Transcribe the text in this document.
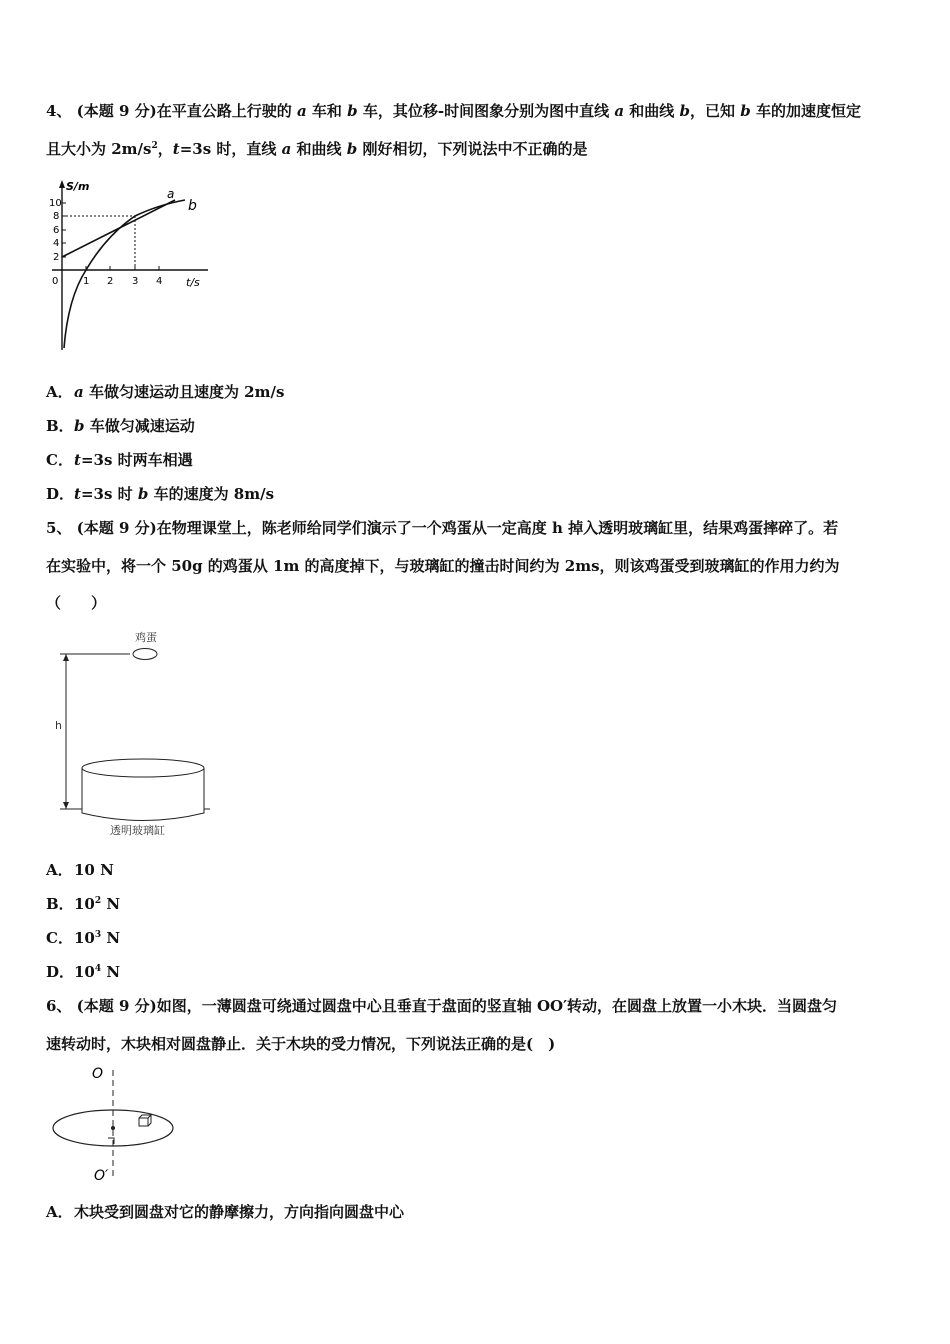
4、 (本题 9 分)在平直公路上行驶的 a 车和 b 车，其位移-时间图象分别为图中直线 a 和曲线 b，已知 b 车的加速度恒定
且大小为 $2m/s^2$，t=3s 时，直线 a 和曲线 b 刚好相切，下列说法中不正确的是
S/m
t/s
10
8
6
4
2
0 1 2 3 4
a
b
A．a 车做匀速运动且速度为 2m/s
B．b 车做匀减速运动
C．t=3s 时两车相遇
D．t=3s 时 b 车的速度为 8m/s
5、 (本题 9 分)在物理课堂上，陈老师给同学们演示了一个鸡蛋从一定高度 h 掉入透明玻璃缸里，结果鸡蛋摔碎了。若
在实验中，将一个 50g 的鸡蛋从 1m 的高度掉下，与玻璃缸的撞击时间约为 2ms，则该鸡蛋受到玻璃缸的作用力约为
（　　）
鸡蛋
h
透明玻璃缸
A．10 N
B．$10^2$ N
C．$10^3$ N
D．$10^4$ N
6、 (本题 9 分)如图，一薄圆盘可绕通过圆盘中心且垂直于盘面的竖直轴 OO′转动，在圆盘上放置一小木块．当圆盘匀
速转动时，木块相对圆盘静止．关于木块的受力情况，下列说法正确的是(　)
O
O′
A．木块受到圆盘对它的静摩擦力，方向指向圆盘中心
